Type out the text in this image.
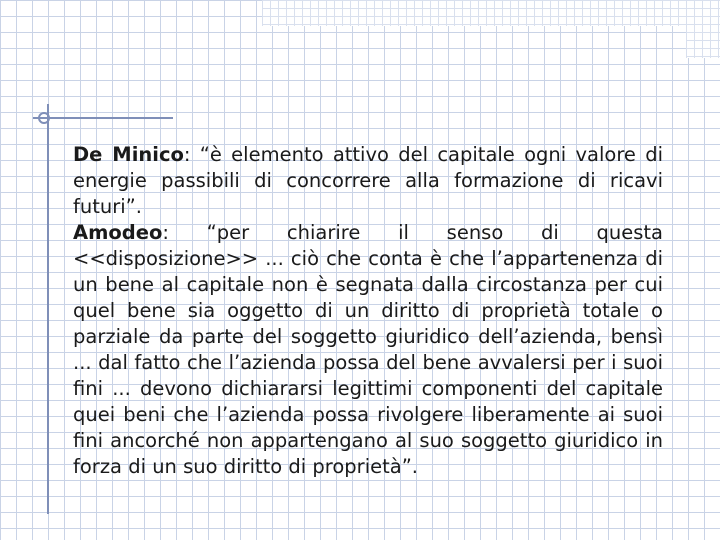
De Minico: “è elemento attivo del capitale ogni valore di energie passibili di concorrere alla formazione di ricavi futuri”.

Amodeo: “per chiarire il senso di questa <<disposizione>> ... ciò che conta è che l’appartenenza di un bene al capitale non è segnata dalla circostanza per cui quel bene sia oggetto di un diritto di proprietà totale o parziale da parte del soggetto giuridico dell’azienda, bensì ... dal fatto che l’azienda possa del bene avvalersi per i suoi fini ... devono dichiararsi legittimi componenti del capitale quei beni che l’azienda possa rivolgere liberamente ai suoi fini ancorché non appartengano al suo soggetto giuridico in forza di un suo diritto di proprietà”.
